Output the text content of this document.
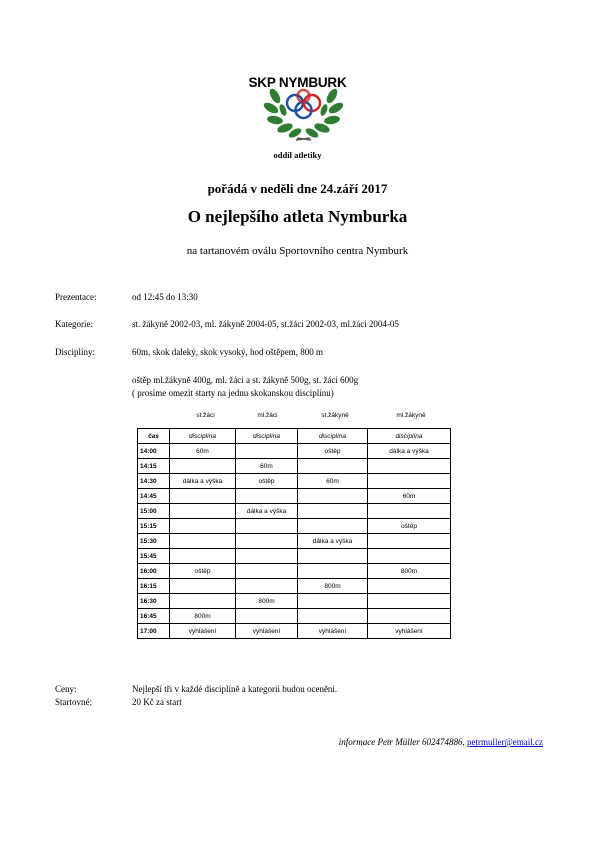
SKP NYMBURK
oddíl atletiky
pořádá v neděli dne 24.září 2017
O nejlepšího atleta Nymburka
na tartanovém oválu Sportovního centra Nymburk
Prezentace:	od 12:45 do 13:30
Kategorie:	st. žákyně 2002-03, ml. žákyně 2004-05, st.žáci 2002-03, ml.žáci 2004-05
Disciplíny:	60m, skok daleký, skok vysoký, hod oštěpem, 800 m
oštěp ml.žákyně 400g, ml. žáci a st. žákyně 500g, st. žáci 600g
( prosíme omezit starty na jednu skokanskou disciplínu)
st.žáci	ml.žáci	st.žákyně	ml.žákyně
čas	disciplína	disciplína	disciplína	disciplína
14:00	60m		oštěp	dálka a výška
14:15		60m		
14:30	dálka a výška	oštěp	60m	
14:45				60m
15:00		dálka a výška		
15:15				oštěp
15:30			dálka a výška	
15:45				
16:00	oštěp			800m
16:15			800m	
16:30		800m		
16:45	800m			
17:00	vyhlášení	vyhlášení	vyhlášení	vyhlášení
Ceny:	Nejlepší tři v každé disciplíně a kategorii budou oceněni.
Startovné:	20 Kč za start
informace Petr Müller 602474886, petrmuller@email.cz
